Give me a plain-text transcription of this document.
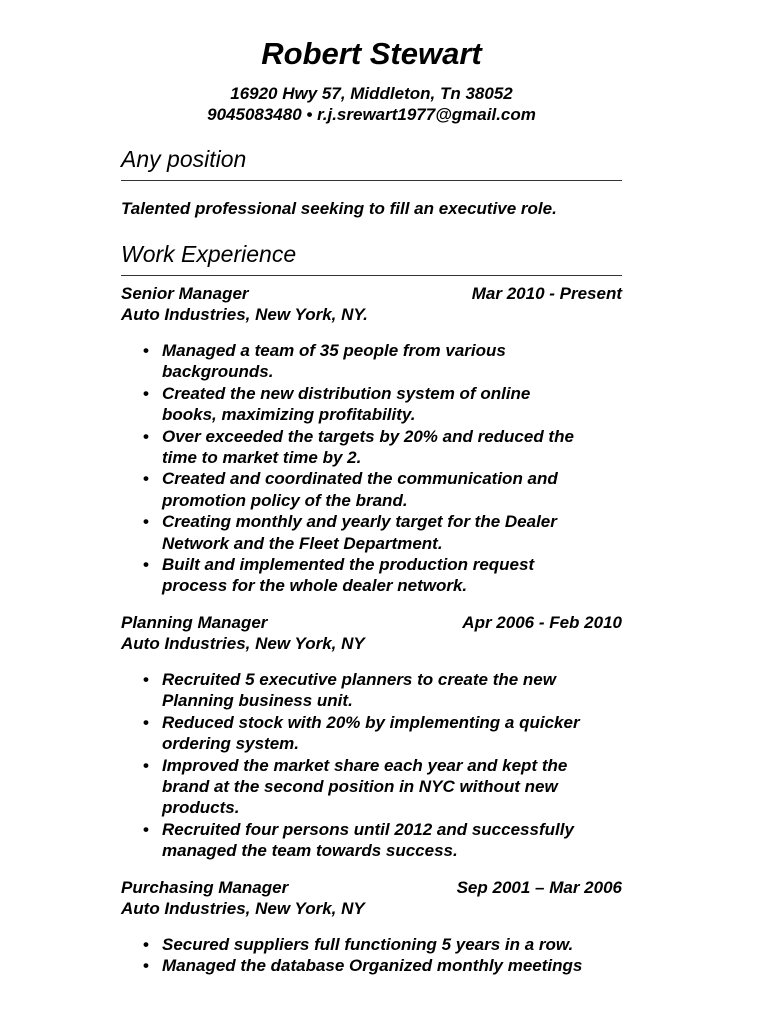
Robert Stewart
16920 Hwy 57, Middleton, Tn 38052
9045083480 • r.j.srewart1977@gmail.com
Any position
Talented professional seeking to fill an executive role.
Work Experience
Senior Manager	Mar 2010 - Present
Auto Industries, New York, NY.
• Managed a team of 35 people from various
backgrounds.
• Created the new distribution system of online
books, maximizing profitability.
• Over exceeded the targets by 20% and reduced the
time to market time by 2.
• Created and coordinated the communication and
promotion policy of the brand.
• Creating monthly and yearly target for the Dealer
Network and the Fleet Department.
• Built and implemented the production request
process for the whole dealer network.
Planning Manager	Apr 2006 - Feb 2010
Auto Industries, New York, NY
• Recruited 5 executive planners to create the new
Planning business unit.
• Reduced stock with 20% by implementing a quicker
ordering system.
• Improved the market share each year and kept the
brand at the second position in NYC without new
products.
• Recruited four persons until 2012 and successfully
managed the team towards success.
Purchasing Manager	Sep 2001 – Mar 2006
Auto Industries, New York, NY
• Secured suppliers full functioning 5 years in a row.
• Managed the database Organized monthly meetings
